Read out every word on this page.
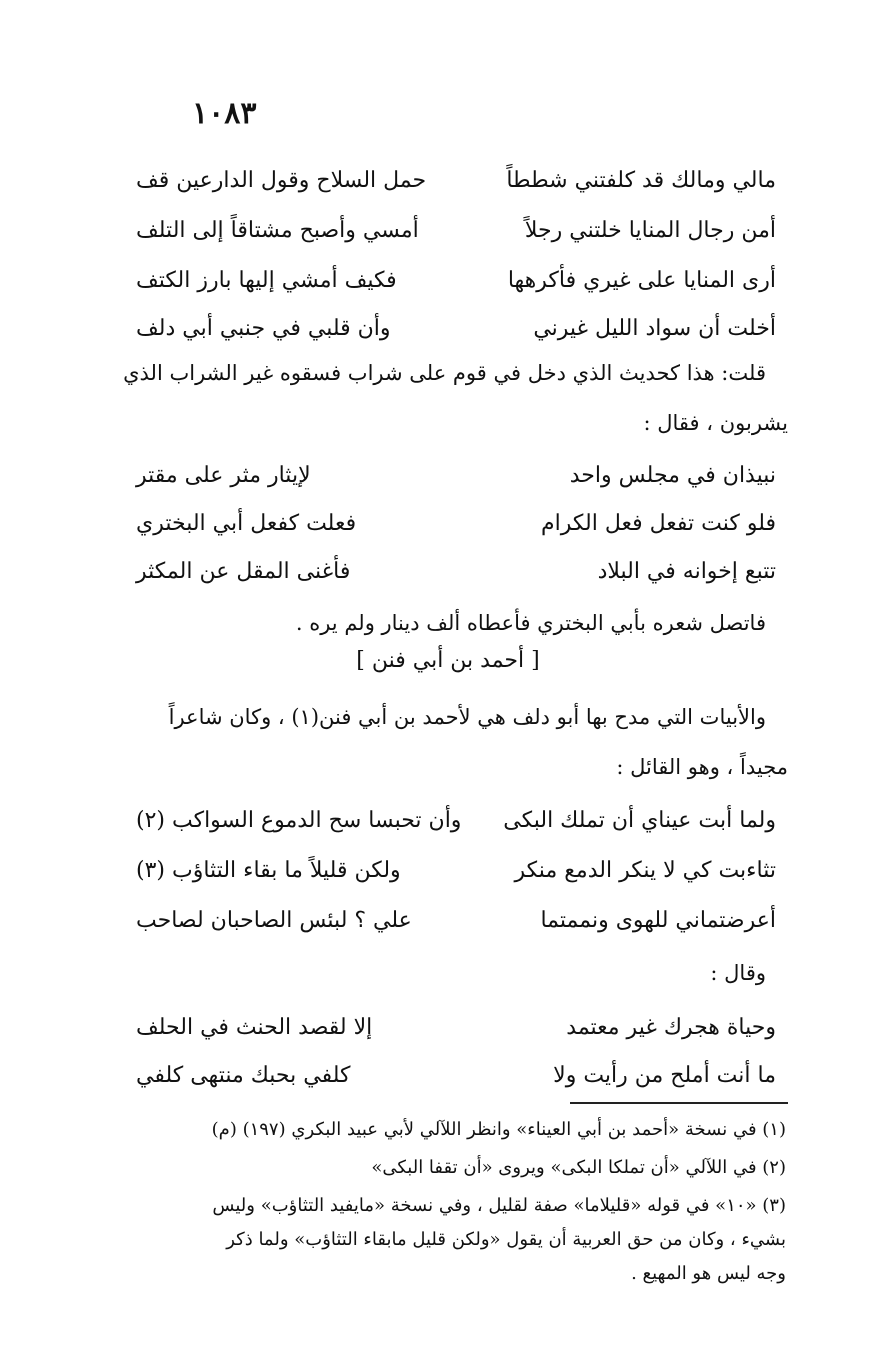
١٠٨٣
مالي ومالك قد كلفتني شططاً
حمل السلاح وقول الدارعين قف
أمن رجال المنايا خلتني رجلاً
أمسي وأصبح مشتاقاً إلى التلف
أرى المنايا على غيري فأكرهها
فكيف أمشي إليها بارز الكتف
أخلت أن سواد الليل غيرني
وأن قلبي في جنبي أبي دلف
قلت: هذا كحديث الذي دخل في قوم على شراب فسقوه غير الشراب الذي
يشربون ، فقال :
نبيذان في مجلس واحد
لإيثار مثر على مقتر
فلو كنت تفعل فعل الكرام
فعلت كفعل أبي البختري
تتبع إخوانه في البلاد
فأغنى المقل عن المكثر
فاتصل شعره بأبي البختري فأعطاه ألف دينار ولم يره .
[ أحمد بن أبي فنن ]
والأبيات التي مدح بها أبو دلف هي لأحمد بن أبي فنن(١) ، وكان شاعراً
مجيداً ، وهو القائل :
ولما أبت عيناي أن تملك البكى
وأن تحبسا سح الدموع السواكب (٢)
تثاءبت كي لا ينكر الدمع منكر
ولكن قليلاً ما بقاء التثاؤب (٣)
أعرضتماني للهوى ونممتما
علي ؟ لبئس الصاحبان لصاحب
وقال :
وحياة هجرك غير معتمد
إلا لقصد الحنث في الحلف
ما أنت أملح من رأيت ولا
كلفي بحبك منتهى كلفي
(١) في نسخة «أحمد بن أبي العيناء» وانظر اللآلي لأبي عبيد البكري (١٩٧) (م)
(٢) في اللآلي «أن تملكا البكى» ويروى «أن تقفا البكى»
(٣) «١٠» في قوله «قليلاما» صفة لقليل ، وفي نسخة «مايفيد التثاؤب» وليس
بشيء ، وكان من حق العربية أن يقول «ولكن قليل مابقاء التثاؤب» ولما ذكر
وجه ليس هو المهيع .
